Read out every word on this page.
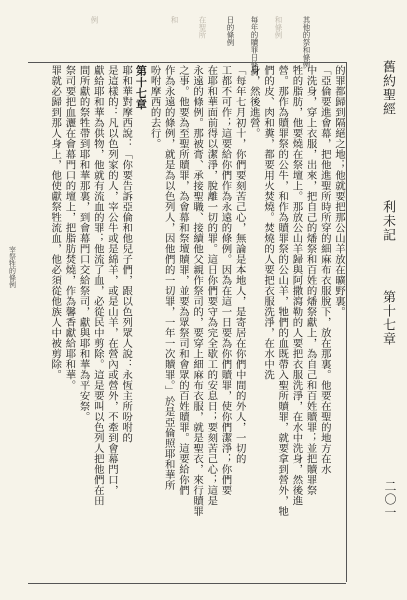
舊約聖經
利未記
第十七章
二〇一
其他的祭和條例
和條例
每年的贖罪日條例
日的條例
在聖所
和
例
宰祭牲的條例	的罪都歸到隔絕之地；他就要把那公山羊放在曠野裏。
「亞倫要進會幕，把他進聖所時所穿的細麻布衣服脫下，放在那裏。他要在聖的地方在水
中洗身，穿上衣服，出來，把自己的燔祭和百姓的燔祭獻上，為自己和百姓贖罪；並把贖罪祭
牲的脂肪，他要燒在祭壇上。那放公山羊歸與阿撒瀉勒的人要把衣服洗淨，在水中洗身，然後進
營。那作為贖罪祭的公牛，和作為贖罪祭的公山羊，牠們的血既帶入聖所贖罪，就要拿到營外，牠
們的皮、肉和糞，都要用火焚燒。焚燒的人要把衣服洗淨，在水中洗
身，然後進營。
「每年七月初十，你們要刻苦己心，無論是本地人，是寄居在你們中間的外人，一切的
工都不可作；這要給你們作為永遠的條例。因為在這一日要為你們贖罪，使你們潔淨；你們要
在耶和華面前得以潔淨，脫離一切的罪。這日你們要守為完全歇工的安息日；要刻苦己心；這是
永遠的條例。那被膏、承接聖職、接續他父親作祭司的，要穿上細麻布衣服，就是聖衣，來行贖罪
之事。他要為至聖所贖罪，為會幕和祭壇贖罪，並要為眾祭司和會眾的百姓贖罪。這要給你們
作為永遠的條例，就是為以色列人，因他們的一切罪，一年一次贖罪。」於是亞倫照耶和華所
吩咐摩西的去行。
第十七章
耶和華對摩西說：「你要告訴亞倫和他兒子們，跟以色列眾人說：永恆主所吩咐的
是這樣的：凡以色列家的人，宰公牛或是綿羊，或是山羊，在營內或營外，不牽到會幕門口，
獻給耶和華為供物，他就有流血的罪；他流了血，必從民中剪除。這是要叫以色列人把他們在田
間所獻的祭牲帶到耶和華那裏，到會幕門口交給祭司，獻與耶和華為平安祭。
祭司要把血灑在會幕門口的壇上，把脂肪焚燒，作為馨香獻給耶和華。
罪就必歸到那人身上，他使獻祭牲流血，他必須從他族人中被剪除。
